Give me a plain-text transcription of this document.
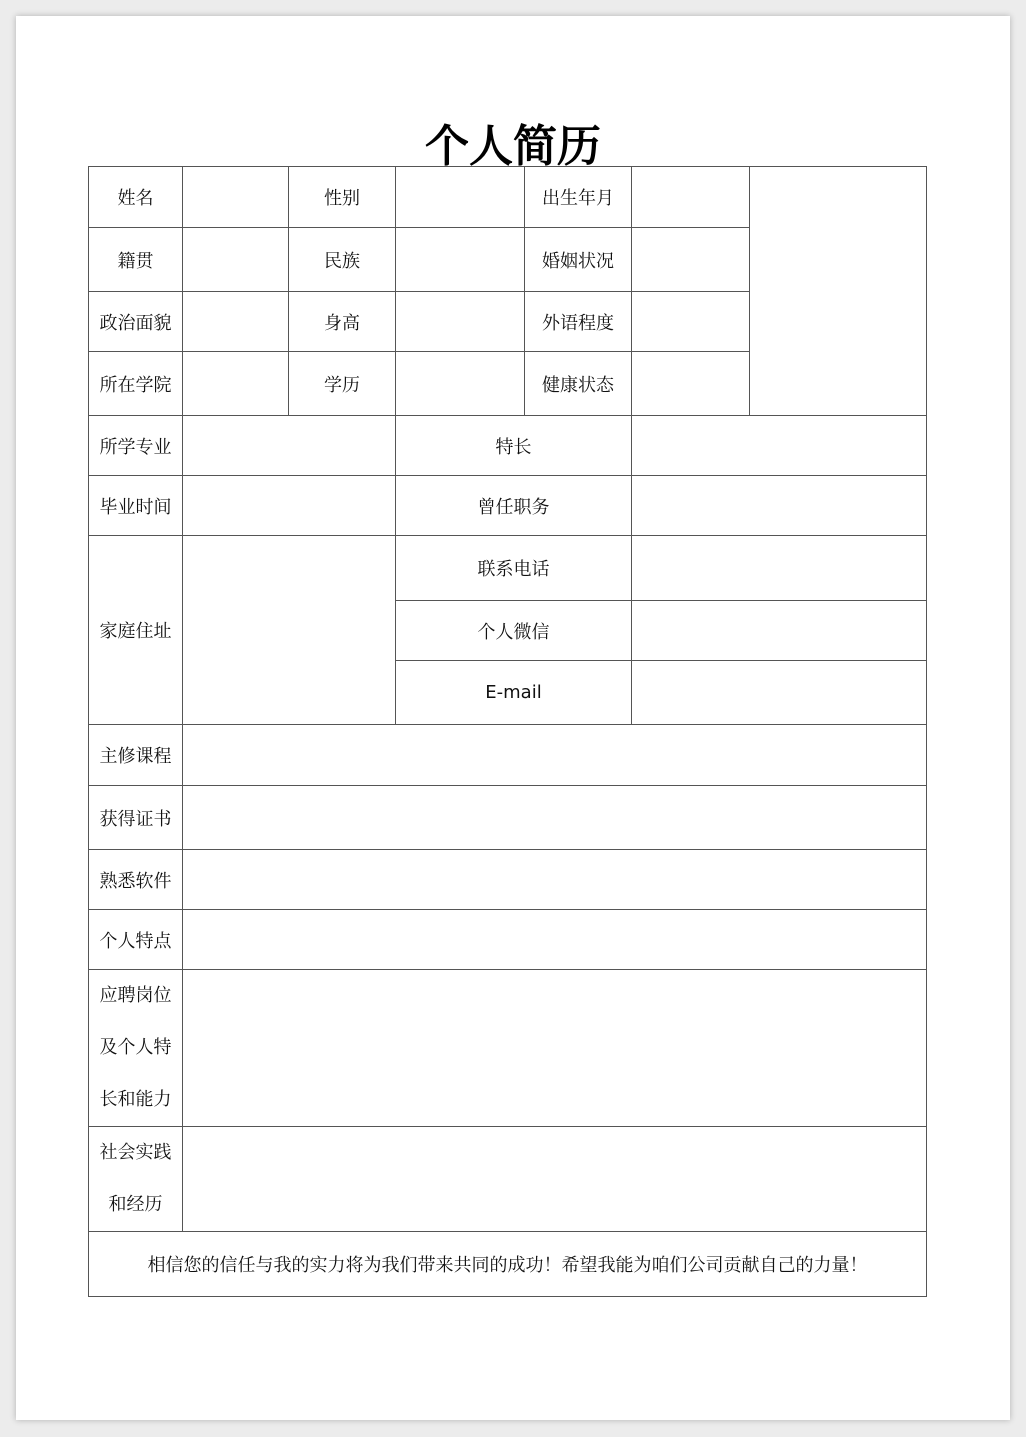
个人简历
姓名		性别		出生年月		
籍贯		民族		婚姻状况		
政治面貌		身高		外语程度		
所在学院		学历		健康状态		
所学专业			特长			
毕业时间			曾任职务			
家庭住址			联系电话			
			个人微信			
			E-mail			
主修课程						
获得证书						
熟悉软件						
个人特点						

应聘岗位
及个人特
长和能力						

社会实践
和经历						

相信您的信任与我的实力将为我们带来共同的成功！希望我能为咱们公司贡献自己的力量！						
